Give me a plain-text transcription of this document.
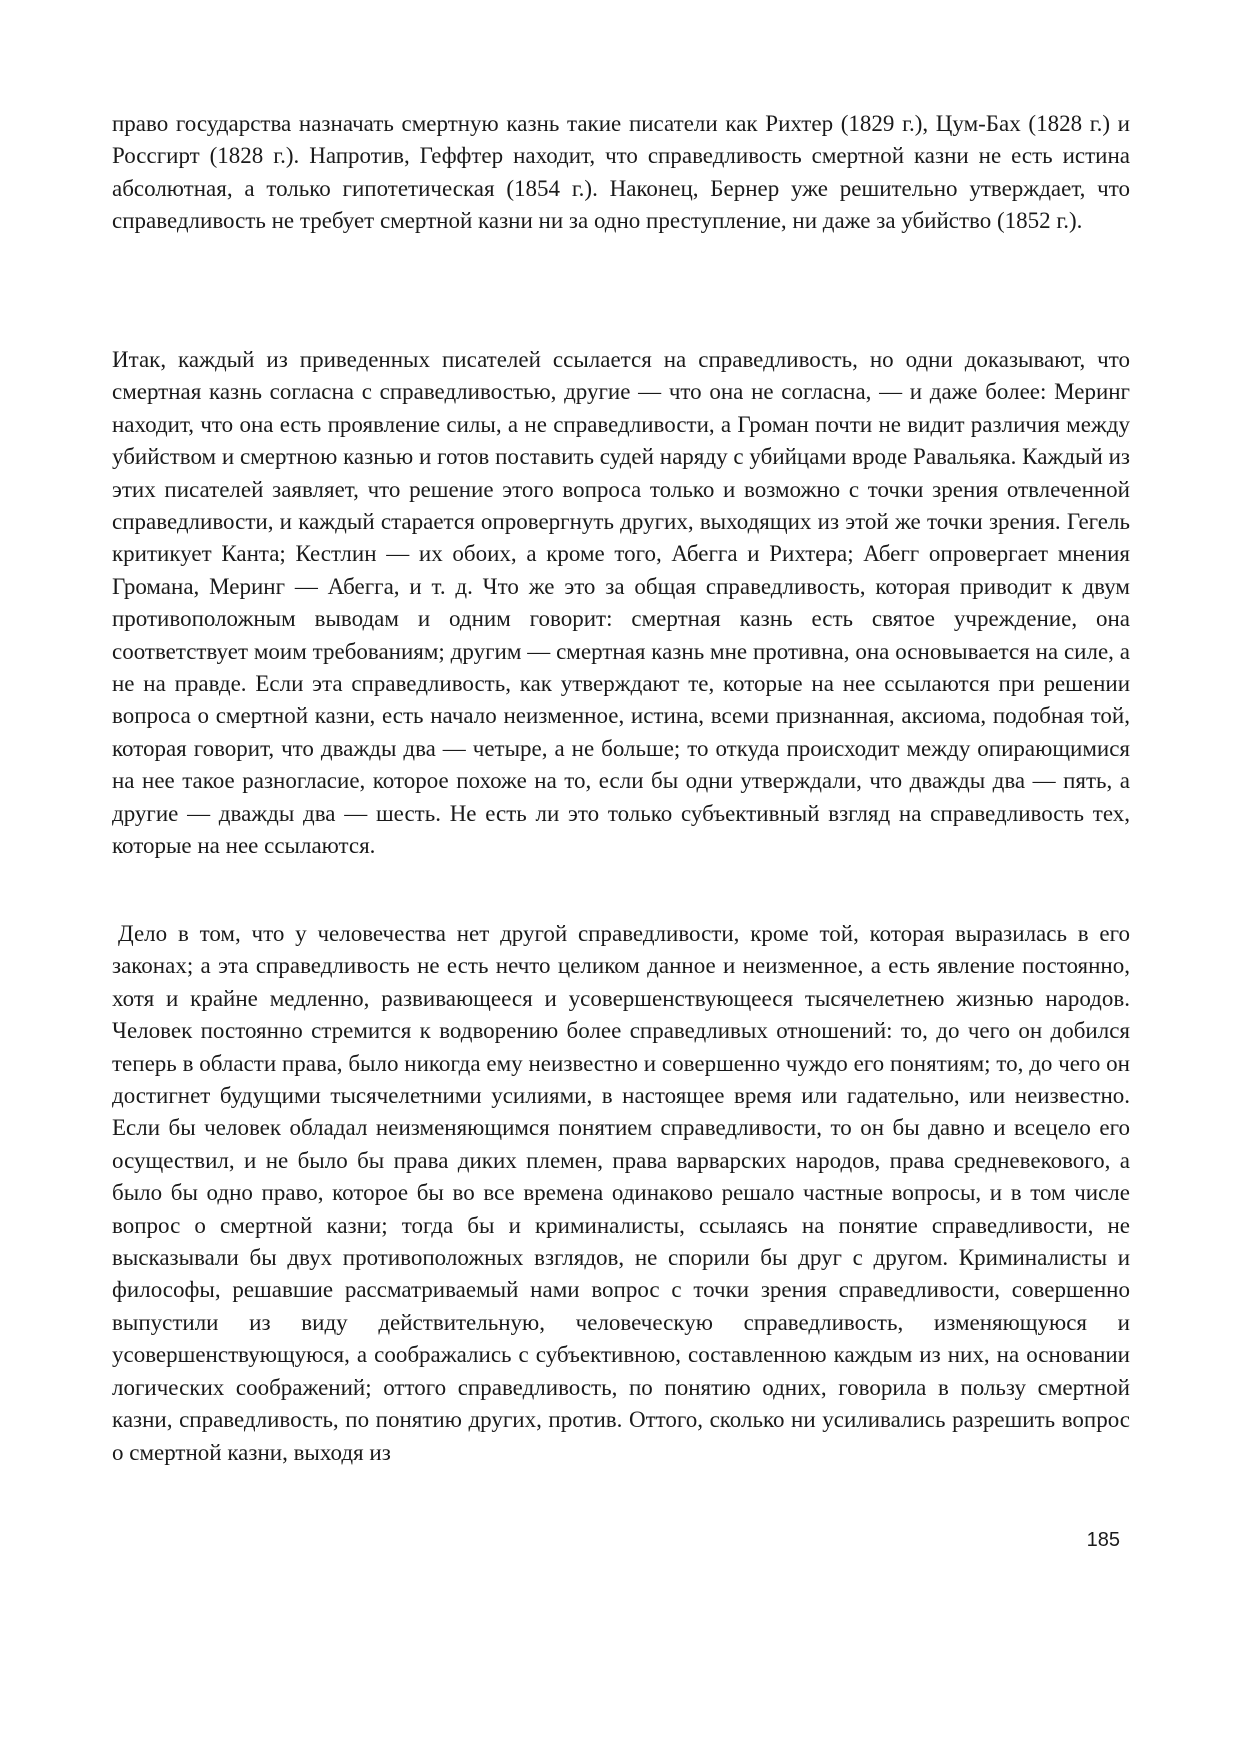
право государства назначать смертную казнь такие писатели как Рихтер (1829 г.), Цум-Бах (1828 г.) и Россгирт (1828 г.). Напротив, Геффтер находит, что справедливость смертной казни не есть истина абсолютная, а только гипотетическая (1854 г.). Наконец, Бернер уже решительно утверждает, что справедливость не требует смертной казни ни за одно преступление, ни даже за убийство (1852 г.).

Итак, каждый из приведенных писателей ссылается на справедливость, но одни доказывают, что смертная казнь согласна с справедливостью, другие — что она не согласна, — и даже более: Меринг находит, что она есть проявление силы, а не справедливости, а Громан почти не видит различия между убийством и смертною казнью и готов поставить судей наряду с убийцами вроде Равальяка. Каждый из этих писателей заявляет, что решение этого вопроса только и возможно с точки зрения отвлеченной справедливости, и каждый старается опровергнуть других, выходящих из этой же точки зрения. Гегель критикует Канта; Кестлин — их обоих, а кроме того, Абегга и Рихтера; Абегг опровергает мнения Громана, Меринг — Абегга, и т. д. Что же это за общая справедливость, которая приводит к двум противоположным выводам и одним говорит: смертная казнь есть святое учреждение, она соответствует моим требованиям; другим — смертная казнь мне противна, она основывается на силе, а не на правде. Если эта справедливость, как утверждают те, которые на нее ссылаются при решении вопроса о смертной казни, есть начало неизменное, истина, всеми признанная, аксиома, подобная той, которая говорит, что дважды два — четыре, а не больше; то откуда происходит между опирающимися на нее такое разногласие, которое похоже на то, если бы одни утверждали, что дважды два — пять, а другие — дважды два — шесть. Не есть ли это только субъективный взгляд на справедливость тех, которые на нее ссылаются.

Дело в том, что у человечества нет другой справедливости, кроме той, которая выразилась в его законах; а эта справедливость не есть нечто целиком данное и неизменное, а есть явление постоянно, хотя и крайне медленно, развивающееся и усовершенствующееся тысячелетнею жизнью народов. Человек постоянно стремится к водворению более справедливых отношений: то, до чего он добился теперь в области права, было никогда ему неизвестно и совершенно чуждо его понятиям; то, до чего он достигнет будущими тысячелетними усилиями, в настоящее время или гадательно, или неизвестно. Если бы человек обладал неизменяющимся понятием справедливости, то он бы давно и всецело его осуществил, и не было бы права диких племен, права варварских народов, права средневекового, а было бы одно право, которое бы во все времена одинаково решало частные вопросы, и в том числе вопрос о смертной казни; тогда бы и криминалисты, ссылаясь на понятие справедливости, не высказывали бы двух противоположных взглядов, не спорили бы друг с другом. Криминалисты и философы, решавшие рассматриваемый нами вопрос с точки зрения справедливости, совершенно выпустили из виду действительную, человеческую справедливость, изменяющуюся и усовершенствующуюся, а соображались с субъективною, составленною каждым из них, на основании логических соображений; оттого справедливость, по понятию одних, говорила в пользу смертной казни, справедливость, по понятию других, против. Оттого, сколько ни усиливались разрешить вопрос о смертной казни, выходя из

185
